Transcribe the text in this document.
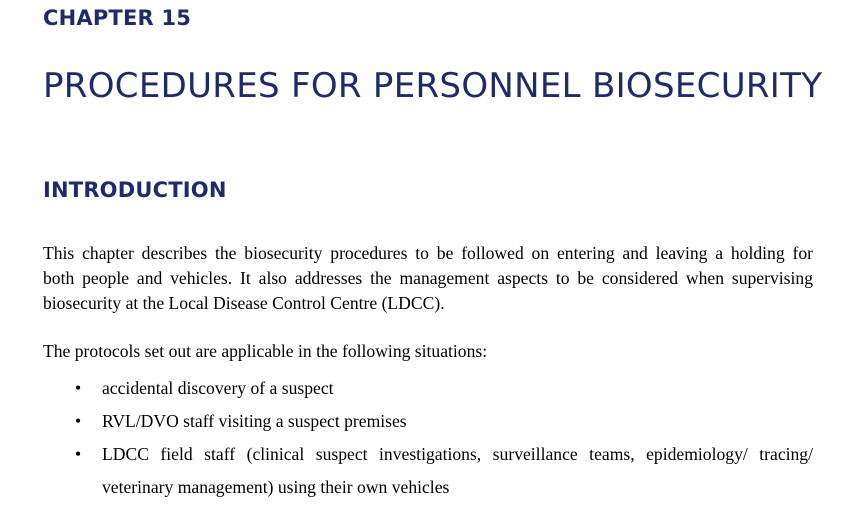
CHAPTER 15
PROCEDURES FOR PERSONNEL BIOSECURITY
INTRODUCTION

This chapter describes the biosecurity procedures to be followed on entering and leaving a holding for
both people and vehicles. It also addresses the management aspects to be considered when supervising
biosecurity at the Local Disease Control Centre (LDCC).

The protocols set out are applicable in the following situations:

• accidental discovery of a suspect
• RVL/DVO staff visiting a suspect premises
• LDCC field staff (clinical suspect investigations, surveillance teams, epidemiology/ tracing/
veterinary management) using their own vehicles
